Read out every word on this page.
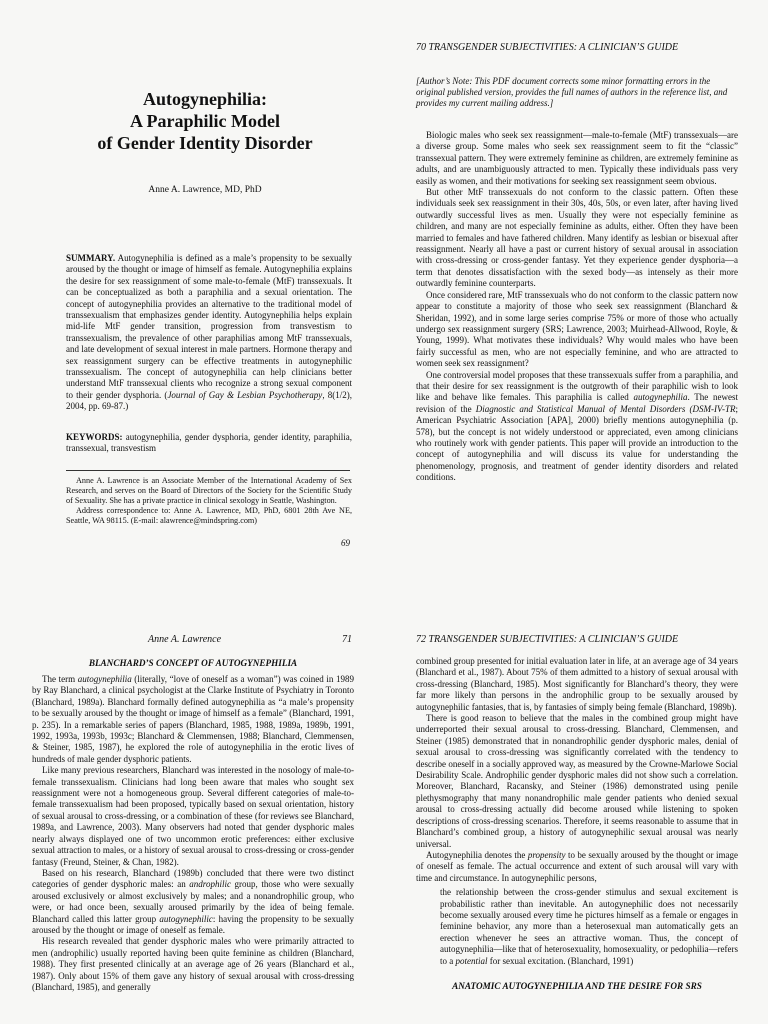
Autogynephilia:
A Paraphilic Model
of Gender Identity Disorder
Anne A. Lawrence, MD, PhD

SUMMARY. Autogynephilia is defined as a male’s propensity to be sexually aroused by the thought or image of himself as female. Autogynephilia explains the desire for sex reassignment of some male-to-female (MtF) transsexuals. It can be conceptualized as both a paraphilia and a sexual orientation. The concept of autogynephilia provides an alternative to the traditional model of transsexualism that emphasizes gender identity. Autogynephilia helps explain mid-life MtF gender transition, progression from transvestism to transsexualism, the prevalence of other paraphilias among MtF transsexuals, and late development of sexual interest in male partners. Hormone therapy and sex reassignment surgery can be effective treatments in autogynephilic transsexualism. The concept of autogynephilia can help clinicians better understand MtF transsexual clients who recognize a strong sexual component to their gender dysphoria. (Journal of Gay & Lesbian Psychotherapy, 8(1/2), 2004, pp. 69-87.)

KEYWORDS: autogynephilia, gender dysphoria, gender identity, paraphilia, transsexual, transvestism

Anne A. Lawrence is an Associate Member of the International Academy of Sex Research, and serves on the Board of Directors of the Society for the Scientific Study of Sexuality. She has a private practice in clinical sexology in Seattle, Washington.
Address correspondence to: Anne A. Lawrence, MD, PhD, 6801 28th Ave NE, Seattle, WA 98115. (E-mail: alawrence@mindspring.com)
69
70 TRANSGENDER SUBJECTIVITIES: A CLINICIAN’S GUIDE
[Author’s Note: This PDF document corrects some minor formatting errors in the original published version, provides the full names of authors in the reference list, and provides my current mailing address.]

Biologic males who seek sex reassignment—male-to-female (MtF) transsexuals—are a diverse group. Some males who seek sex reassignment seem to fit the “classic” transsexual pattern. They were extremely feminine as children, are extremely feminine as adults, and are unambiguously attracted to men. Typically these individuals pass very easily as women, and their motivations for seeking sex reassignment seem obvious.

But other MtF transsexuals do not conform to the classic pattern. Often these individuals seek sex reassignment in their 30s, 40s, 50s, or even later, after having lived outwardly successful lives as men. Usually they were not especially feminine as children, and many are not especially feminine as adults, either. Often they have been married to females and have fathered children. Many identify as lesbian or bisexual after reassignment. Nearly all have a past or current history of sexual arousal in association with cross-dressing or cross-gender fantasy. Yet they experience gender dysphoria—a term that denotes dissatisfaction with the sexed body—as intensely as their more outwardly feminine counterparts.

Once considered rare, MtF transsexuals who do not conform to the classic pattern now appear to constitute a majority of those who seek sex reassignment (Blanchard & Sheridan, 1992), and in some large series comprise 75% or more of those who actually undergo sex reassignment surgery (SRS; Lawrence, 2003; Muirhead-Allwood, Royle, & Young, 1999). What motivates these individuals? Why would males who have been fairly successful as men, who are not especially feminine, and who are attracted to women seek sex reassignment?

One controversial model proposes that these transsexuals suffer from a paraphilia, and that their desire for sex reassignment is the outgrowth of their paraphilic wish to look like and behave like females. This paraphilia is called autogynephilia. The newest revision of the Diagnostic and Statistical Manual of Mental Disorders (DSM-IV-TR; American Psychiatric Association [APA], 2000) briefly mentions autogynephilia (p. 578), but the concept is not widely understood or appreciated, even among clinicians who routinely work with gender patients. This paper will provide an introduction to the concept of autogynephilia and will discuss its value for understanding the phenomenology, prognosis, and treatment of gender identity disorders and related conditions.

Anne A. Lawrence	71

BLANCHARD’S CONCEPT OF AUTOGYNEPHILIA

The term autogynephilia (literally, “love of oneself as a woman”) was coined in 1989 by Ray Blanchard, a clinical psychologist at the Clarke Institute of Psychiatry in Toronto (Blanchard, 1989a). Blanchard formally defined autogynephilia as “a male’s propensity to be sexually aroused by the thought or image of himself as a female” (Blanchard, 1991, p. 235). In a remarkable series of papers (Blanchard, 1985, 1988, 1989a, 1989b, 1991, 1992, 1993a, 1993b, 1993c; Blanchard & Clemmensen, 1988; Blanchard, Clemmensen, & Steiner, 1985, 1987), he explored the role of autogynephilia in the erotic lives of hundreds of male gender dysphoric patients.

Like many previous researchers, Blanchard was interested in the nosology of male-to-female transsexualism. Clinicians had long been aware that males who sought sex reassignment were not a homogeneous group. Several different categories of male-to-female transsexualism had been proposed, typically based on sexual orientation, history of sexual arousal to cross-dressing, or a combination of these (for reviews see Blanchard, 1989a, and Lawrence, 2003). Many observers had noted that gender dysphoric males nearly always displayed one of two uncommon erotic preferences: either exclusive sexual attraction to males, or a history of sexual arousal to cross-dressing or cross-gender fantasy (Freund, Steiner, & Chan, 1982).

Based on his research, Blanchard (1989b) concluded that there were two distinct categories of gender dysphoric males: an androphilic group, those who were sexually aroused exclusively or almost exclusively by males; and a nonandrophilic group, who were, or had once been, sexually aroused primarily by the idea of being female. Blanchard called this latter group autogynephilic: having the propensity to be sexually aroused by the thought or image of oneself as female.

His research revealed that gender dysphoric males who were primarily attracted to men (androphilic) usually reported having been quite feminine as children (Blanchard, 1988). They first presented clinically at an average age of 26 years (Blanchard et al., 1987). Only about 15% of them gave any history of sexual arousal with cross-dressing (Blanchard, 1985), and generally

72 TRANSGENDER SUBJECTIVITIES: A CLINICIAN’S GUIDE

combined group presented for initial evaluation later in life, at an average age of 34 years (Blanchard et al., 1987). About 75% of them admitted to a history of sexual arousal with cross-dressing (Blanchard, 1985). Most significantly for Blanchard’s theory, they were far more likely than persons in the androphilic group to be sexually aroused by autogynephilic fantasies, that is, by fantasies of simply being female (Blanchard, 1989b).

There is good reason to believe that the males in the combined group might have underreported their sexual arousal to cross-dressing. Blanchard, Clemmensen, and Steiner (1985) demonstrated that in nonandrophilic gender dysphoric males, denial of sexual arousal to cross-dressing was significantly correlated with the tendency to describe oneself in a socially approved way, as measured by the Crowne-Marlowe Social Desirability Scale. Androphilic gender dysphoric males did not show such a correlation. Moreover, Blanchard, Racansky, and Steiner (1986) demonstrated using penile plethysmography that many nonandrophilic male gender patients who denied sexual arousal to cross-dressing actually did become aroused while listening to spoken descriptions of cross-dressing scenarios. Therefore, it seems reasonable to assume that in Blanchard’s combined group, a history of autogynephilic sexual arousal was nearly universal.

Autogynephilia denotes the propensity to be sexually aroused by the thought or image of oneself as female. The actual occurrence and extent of such arousal will vary with time and circumstance. In autogynephilic persons,

the relationship between the cross-gender stimulus and sexual excitement is probabilistic rather than inevitable. An autogynephilic does not necessarily become sexually aroused every time he pictures himself as a female or engages in feminine behavior, any more than a heterosexual man automatically gets an erection whenever he sees an attractive woman. Thus, the concept of autogynephilia—like that of heterosexuality, homosexuality, or pedophilia—refers to a potential for sexual excitation. (Blanchard, 1991)

ANATOMIC AUTOGYNEPHILIA AND THE DESIRE FOR SRS
